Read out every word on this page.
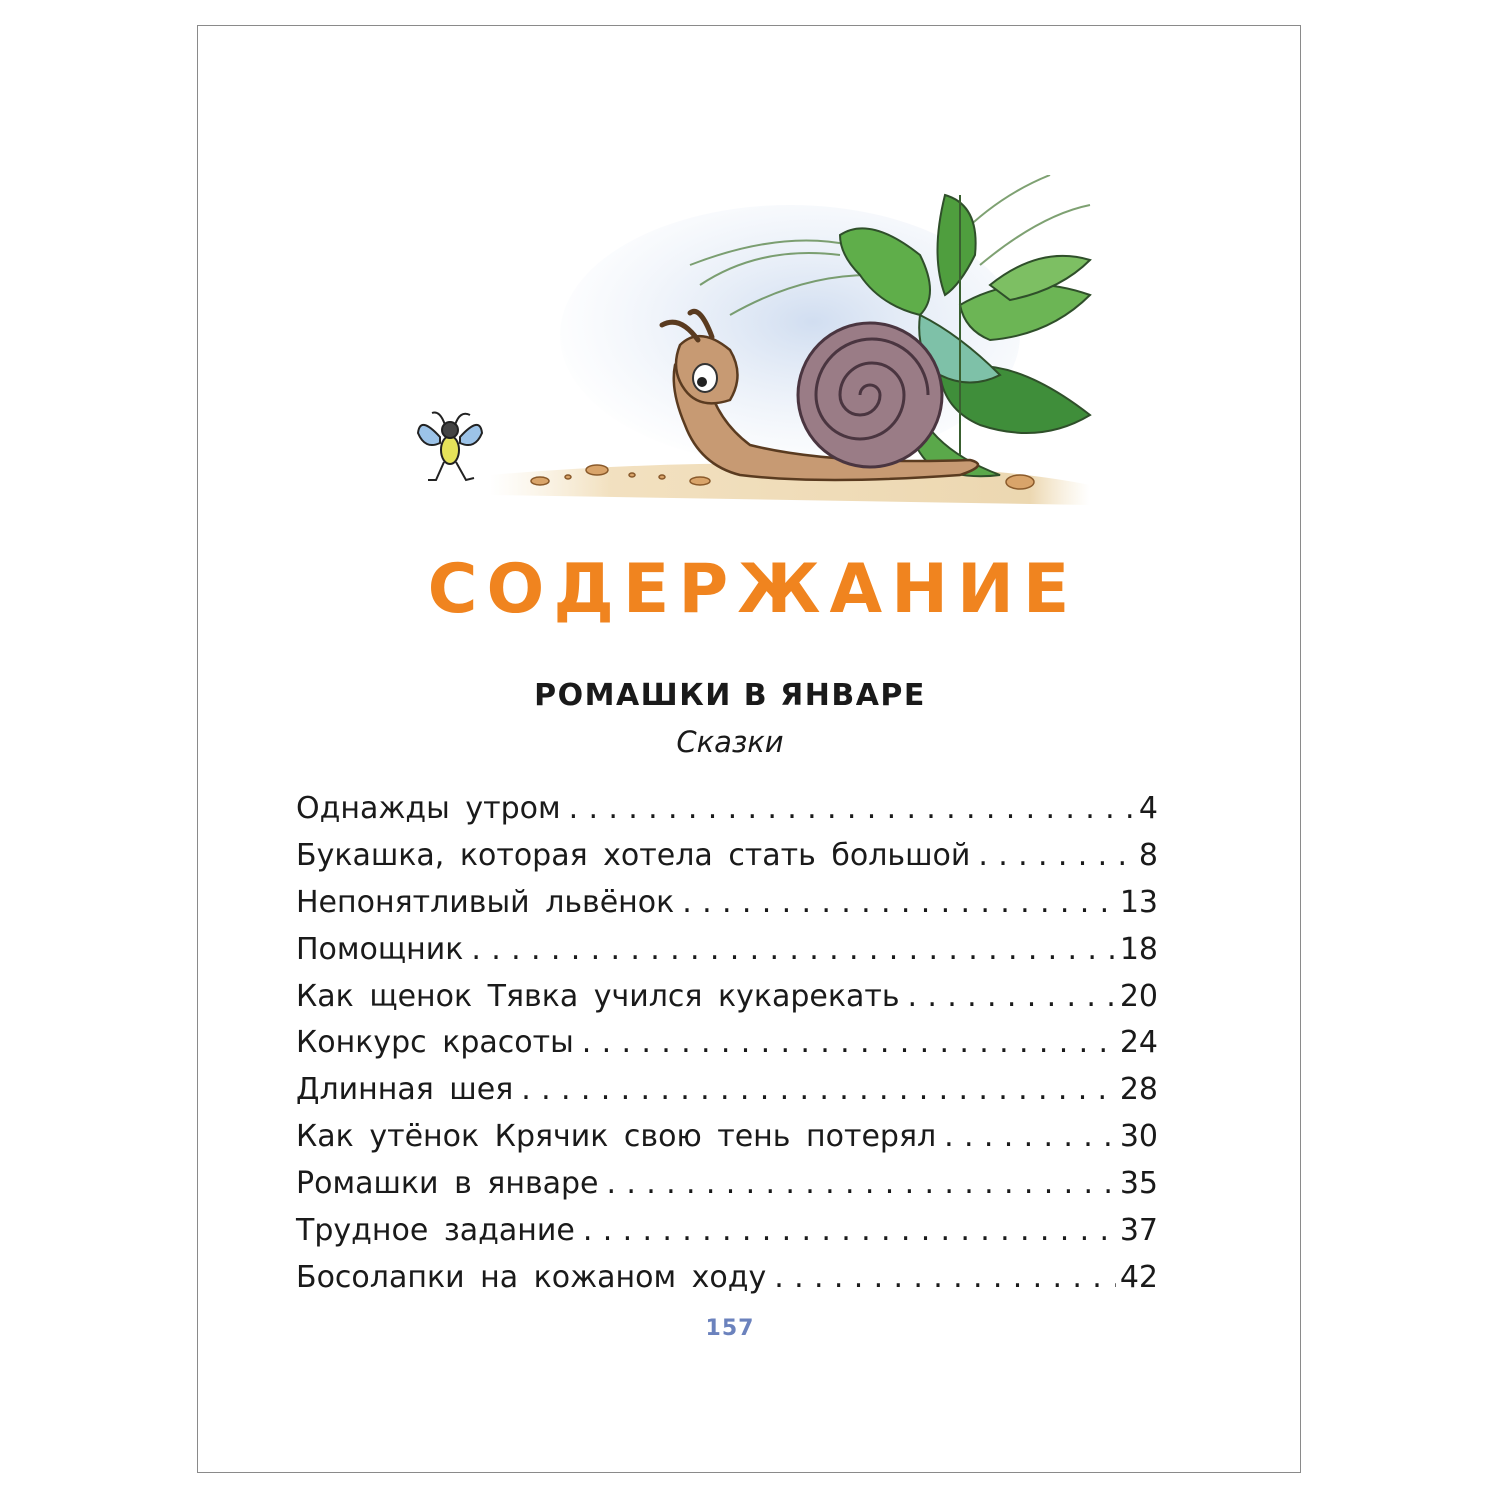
СОДЕРЖАНИЕ
РОМАШКИ В ЯНВАРЕ
Сказки
Однажды утром . . .	4
Букашка, которая хотела стать большой . . .	8
Непонятливый львёнок . . .	13
Помощник . . .	18
Как щенок Тявка учился кукарекать . . .	20
Конкурс красоты . . .	24
Длинная шея . . .	28
Как утёнок Крячик свою тень потерял . . .	30
Ромашки в январе . . .	35
Трудное задание . . .	37
Босолапки на кожаном ходу . . .	42
157
